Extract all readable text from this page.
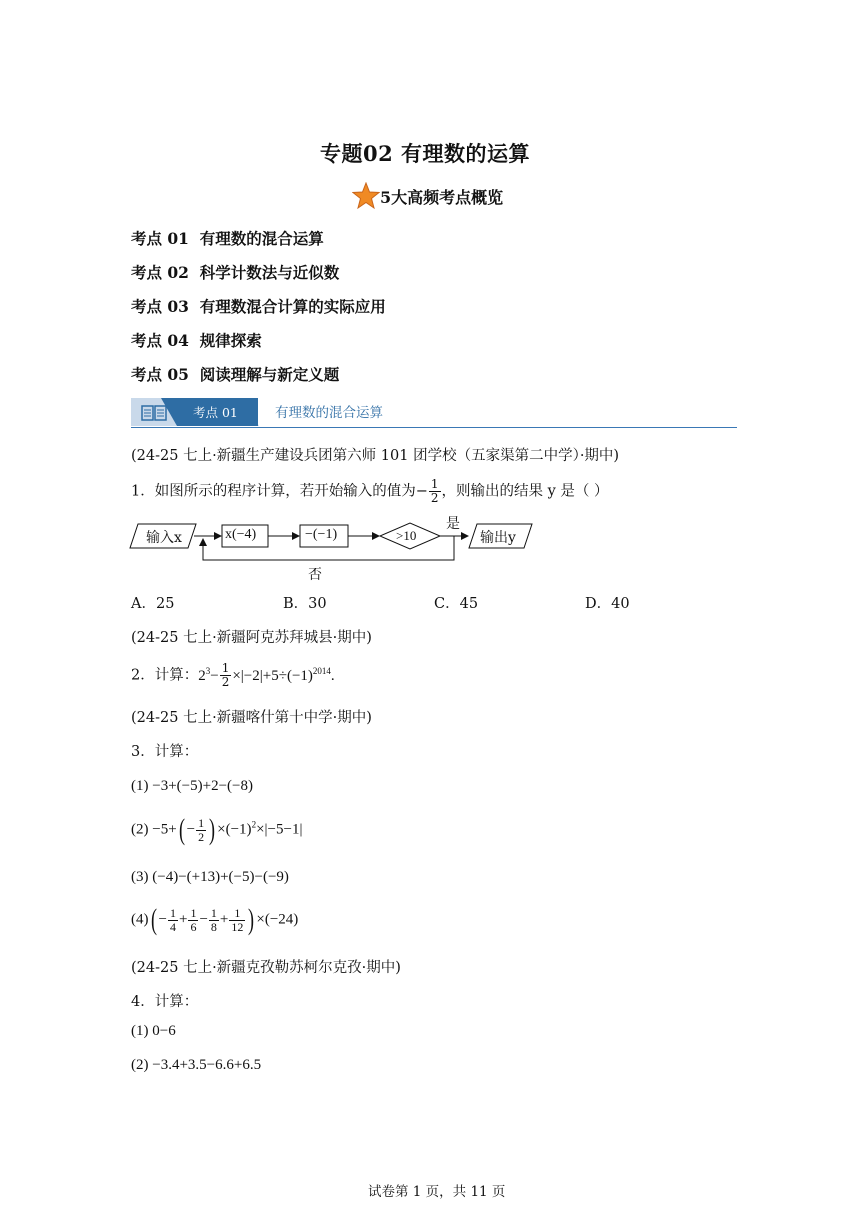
专题02 有理数的运算
5大高频考点概览
考点 01 有理数的混合运算
考点 02 科学计数法与近似数
考点 03 有理数混合计算的实际应用
考点 04 规律探索
考点 05 阅读理解与新定义题
考点 01	有理数的混合运算
(24-25 七上·新疆生产建设兵团第六师 101 团学校（五家渠第二中学）·期中)
1．如图所示的程序计算，若开始输入的值为− $\frac{1}{2}$ ，则输出的结果 y 是（ ）
输入x	x(−4)	−(−1)	>10
是
输出y
否
A．25	B．30	C．45	D．40
(24-25 七上·新疆阿克苏拜城县·期中)
2．计算：$2^3- \frac{1}{2} \times|-2|+5\div(-1)^{2014}$.
(24-25 七上·新疆喀什第十中学·期中)
3．计算：
(1) −3+(−5)+2−(−8)
$(2) -5+( - \frac{1}{2}$ ) $\times(-1)^2\times|-5-1|$
(3) (−4)−(+13)+(−5)−(−9)
$(4)( - \frac{1}{4} + \frac{1}{6} - \frac{1}{8} + \frac{1}{12}$ ) ×(−24)
(24-25 七上·新疆克孜勒苏柯尔克孜·期中)
4．计算：
(1) 0−6
(2) −3.4+3.5−6.6+6.5
试卷第 1 页，共 11 页
